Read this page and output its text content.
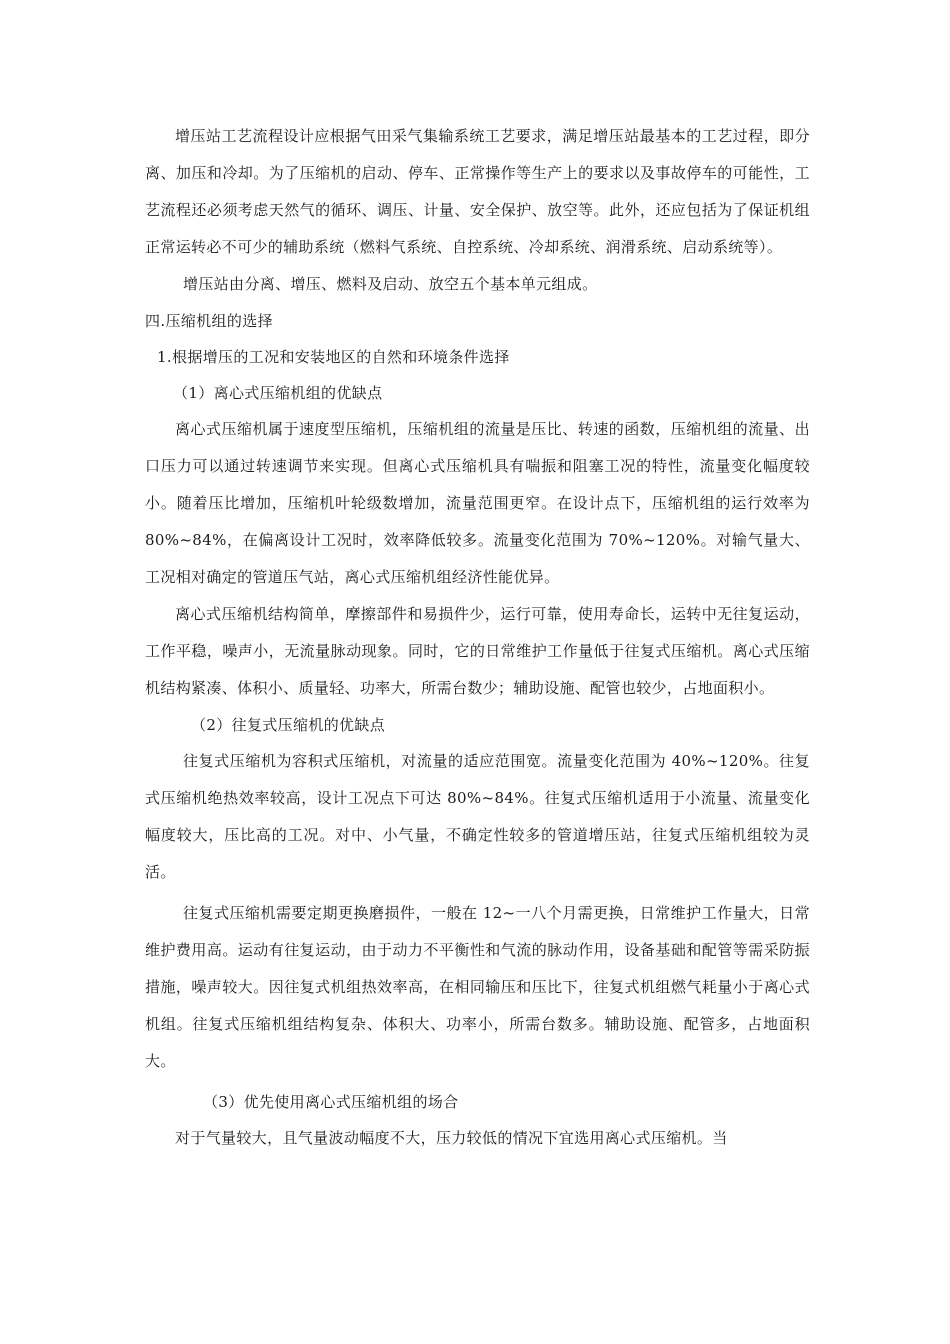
增压站工艺流程设计应根据气田采气集输系统工艺要求，满足增压站最基本的工艺过程，即分离、加压和冷却。为了压缩机的启动、停车、正常操作等生产上的要求以及事故停车的可能性，工艺流程还必须考虑天然气的循环、调压、计量、安全保护、放空等。此外，还应包括为了保证机组正常运转必不可少的辅助系统（燃料气系统、自控系统、冷却系统、润滑系统、启动系统等）。

增压站由分离、增压、燃料及启动、放空五个基本单元组成。

四.压缩机组的选择

1.根据增压的工况和安装地区的自然和环境条件选择

（1）离心式压缩机组的优缺点

离心式压缩机属于速度型压缩机，压缩机组的流量是压比、转速的函数，压缩机组的流量、出口压力可以通过转速调节来实现。但离心式压缩机具有喘振和阻塞工况的特性，流量变化幅度较小。随着压比增加，压缩机叶轮级数增加，流量范围更窄。在设计点下，压缩机组的运行效率为 80%~84%，在偏离设计工况时，效率降低较多。流量变化范围为 70%~120%。对输气量大、工况相对确定的管道压气站，离心式压缩机组经济性能优异。

离心式压缩机结构简单，摩擦部件和易损件少，运行可靠，使用寿命长，运转中无往复运动，工作平稳，噪声小，无流量脉动现象。同时，它的日常维护工作量低于往复式压缩机。离心式压缩机结构紧凑、体积小、质量轻、功率大，所需台数少；辅助设施、配管也较少，占地面积小。

（2）往复式压缩机的优缺点

往复式压缩机为容积式压缩机，对流量的适应范围宽。流量变化范围为 40%~120%。往复式压缩机绝热效率较高，设计工况点下可达 80%~84%。往复式压缩机适用于小流量、流量变化幅度较大，压比高的工况。对中、小气量，不确定性较多的管道增压站，往复式压缩机组较为灵活。

往复式压缩机需要定期更换磨损件，一般在 12~一八个月需更换，日常维护工作量大，日常维护费用高。运动有往复运动，由于动力不平衡性和气流的脉动作用，设备基础和配管等需采防振措施，噪声较大。因往复式机组热效率高，在相同输压和压比下，往复式机组燃气耗量小于离心式机组。往复式压缩机组结构复杂、体积大、功率小，所需台数多。辅助设施、配管多，占地面积大。

（3）优先使用离心式压缩机组的场合

对于气量较大，且气量波动幅度不大，压力较低的情况下宜选用离心式压缩机。当
